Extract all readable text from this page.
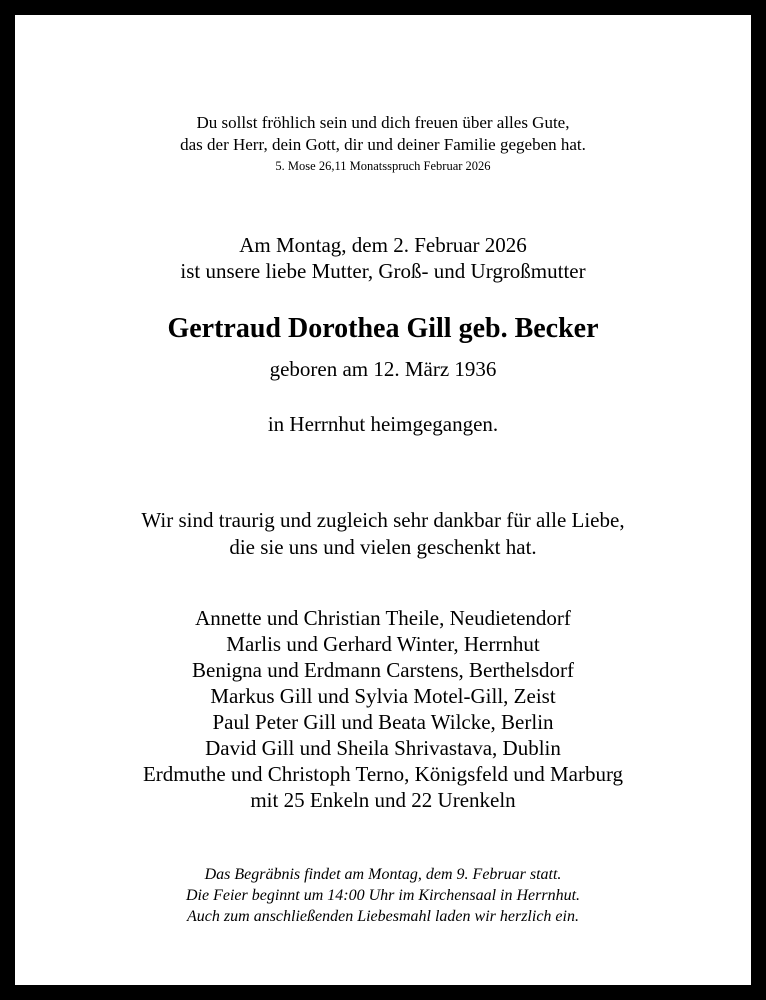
Du sollst fröhlich sein und dich freuen über alles Gute,
das der Herr, dein Gott, dir und deiner Familie gegeben hat.
5. Mose 26,11 Monatsspruch Februar 2026
Am Montag, dem 2. Februar 2026
ist unsere liebe Mutter, Groß- und Urgroßmutter
Gertraud Dorothea Gill geb. Becker
geboren am 12. März 1936
in Herrnhut heimgegangen.
Wir sind traurig und zugleich sehr dankbar für alle Liebe,
die sie uns und vielen geschenkt hat.
Annette und Christian Theile, Neudietendorf
Marlis und Gerhard Winter, Herrnhut
Benigna und Erdmann Carstens, Berthelsdorf
Markus Gill und Sylvia Motel-Gill, Zeist
Paul Peter Gill und Beata Wilcke, Berlin
David Gill und Sheila Shrivastava, Dublin
Erdmuthe und Christoph Terno, Königsfeld und Marburg
mit 25 Enkeln und 22 Urenkeln
Das Begräbnis findet am Montag, dem 9. Februar statt.
Die Feier beginnt um 14:00 Uhr im Kirchensaal in Herrnhut.
Auch zum anschließenden Liebesmahl laden wir herzlich ein.
